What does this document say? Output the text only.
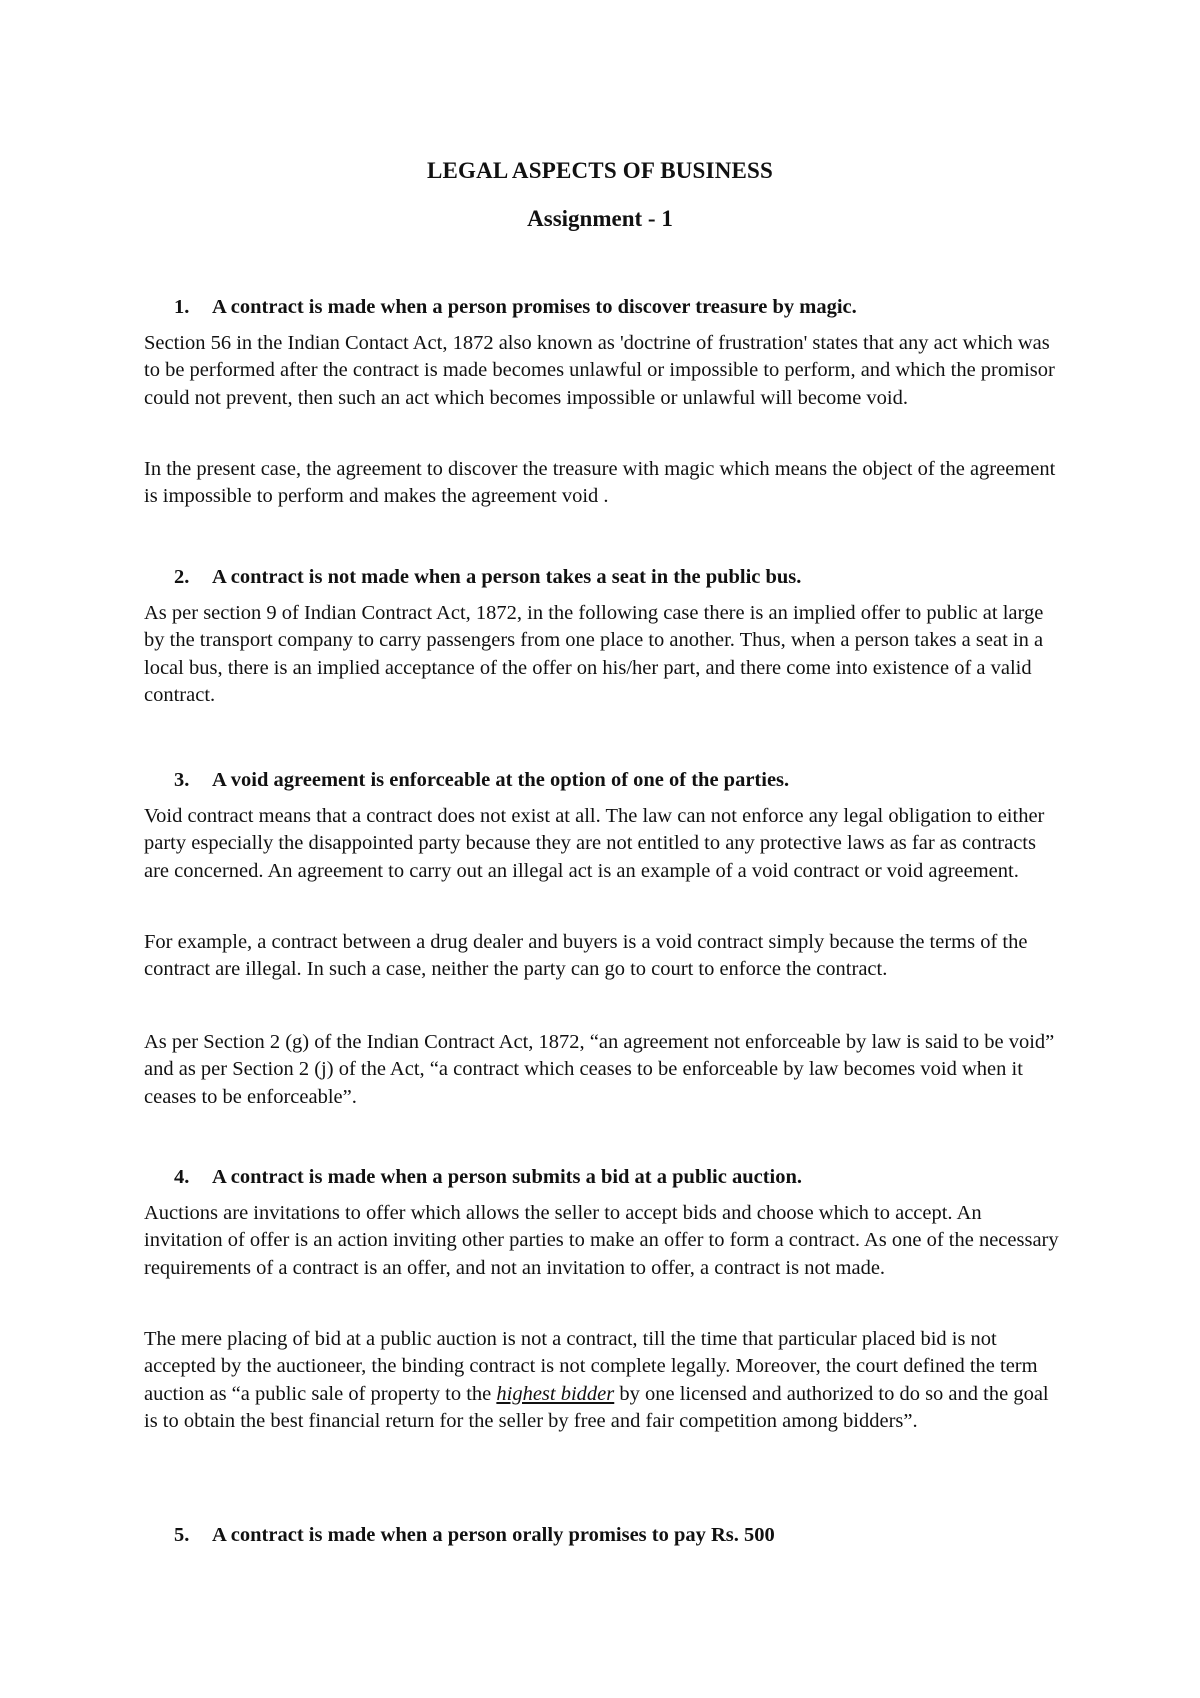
LEGAL ASPECTS OF BUSINESS
Assignment - 1
1. A contract is made when a person promises to discover treasure by magic.
Section 56 in the Indian Contact Act, 1872 also known as 'doctrine of frustration' states that any act which was to be performed after the contract is made becomes unlawful or impossible to perform, and which the promisor could not prevent, then such an act which becomes impossible or unlawful will become void.
In the present case, the agreement to discover the treasure with magic which means the object of the agreement is impossible to perform and makes the agreement void .
2. A contract is not made when a person takes a seat in the public bus.
As per section 9 of Indian Contract Act, 1872, in the following case there is an implied offer to public at large by the transport company to carry passengers from one place to another. Thus, when a person takes a seat in a local bus, there is an implied acceptance of the offer on his/her part, and there come into existence of a valid contract.
3. A void agreement is enforceable at the option of one of the parties.
Void contract means that a contract does not exist at all. The law can not enforce any legal obligation to either party especially the disappointed party because they are not entitled to any protective laws as far as contracts are concerned. An agreement to carry out an illegal act is an example of a void contract or void agreement.
For example, a contract between a drug dealer and buyers is a void contract simply because the terms of the contract are illegal. In such a case, neither the party can go to court to enforce the contract.
As per Section 2 (g) of the Indian Contract Act, 1872, “an agreement not enforceable by law is said to be void” and as per Section 2 (j) of the Act, “a contract which ceases to be enforceable by law becomes void when it ceases to be enforceable”.
4. A contract is made when a person submits a bid at a public auction.
Auctions are invitations to offer which allows the seller to accept bids and choose which to accept. An invitation of offer is an action inviting other parties to make an offer to form a contract. As one of the necessary requirements of a contract is an offer, and not an invitation to offer, a contract is not made.
The mere placing of bid at a public auction is not a contract, till the time that particular placed bid is not accepted by the auctioneer, the binding contract is not complete legally. Moreover, the court defined the term auction as “a public sale of property to the highest bidder by one licensed and authorized to do so and the goal is to obtain the best financial return for the seller by free and fair competition among bidders”.
5. A contract is made when a person orally promises to pay Rs. 500
